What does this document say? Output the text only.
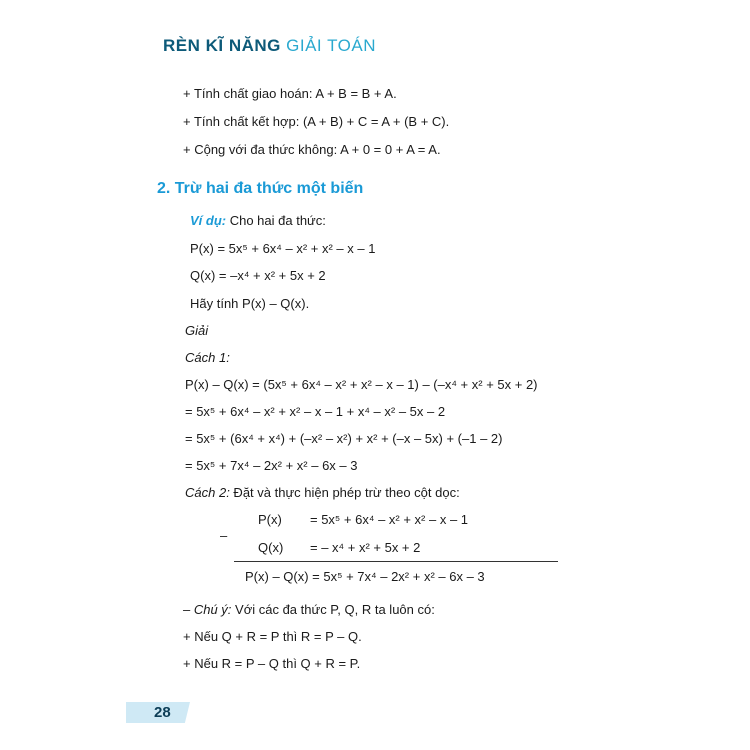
RÈN KĨ NĂNG GIẢI TOÁN
+ Tính chất giao hoán: A + B = B + A.
+ Tính chất kết hợp: (A + B) + C = A + (B + C).
+ Cộng với đa thức không: A + 0 = 0 + A = A.
2. Trừ hai đa thức một biến
Ví dụ: Cho hai đa thức:
P(x) = 5x⁵ + 6x⁴ – x² + x² – x – 1
Q(x) = –x⁴ + x² + 5x + 2
Hãy tính P(x) – Q(x).
Giải
Cách 1:
P(x) – Q(x) = (5x⁵ + 6x⁴ – x² + x² – x – 1) – (–x⁴ + x² + 5x + 2)
= 5x⁵ + 6x⁴ – x² + x² – x – 1 + x⁴ – x² – 5x – 2
= 5x⁵ + (6x⁴ + x⁴) + (–x² – x²) + x² + (–x – 5x) + (–1 – 2)
= 5x⁵ + 7x⁴ – 2x² + x² – 6x – 3
Cách 2: Đặt và thực hiện phép trừ theo cột dọc:
–
P(x) = 5x⁵ + 6x⁴ – x² + x² – x – 1
Q(x) = – x⁴ + x² + 5x + 2
P(x) – Q(x) = 5x⁵ + 7x⁴ – 2x² + x² – 6x – 3
– Chú ý: Với các đa thức P, Q, R ta luôn có:
+ Nếu Q + R = P thì R = P – Q.
+ Nếu R = P – Q thì Q + R = P.
28
